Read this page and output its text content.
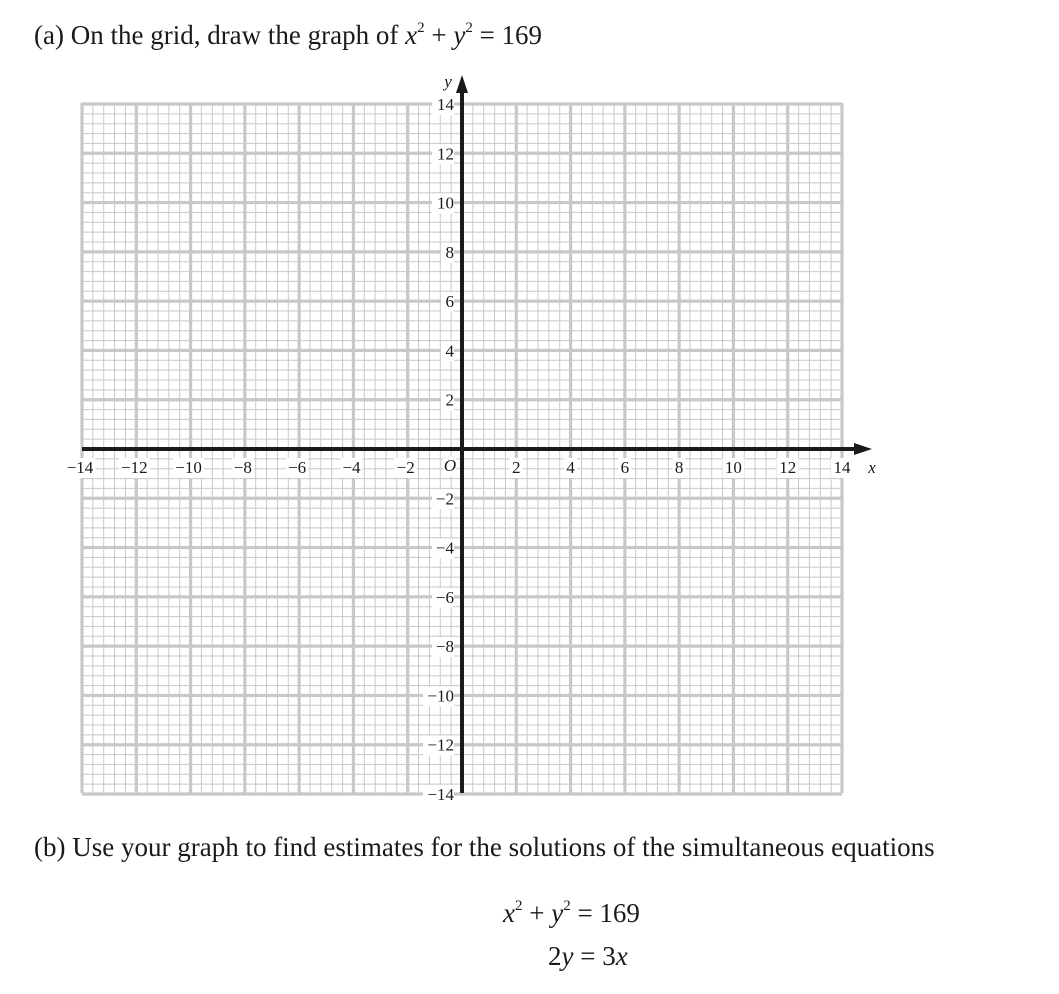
(a) On the grid, draw the graph of $x^2 + y^2 = 169$
−14 −12 −10 −8 −6 −4 −2	2	4	6	8 10 12 14
14
12
10
8
6
4
2
−2
−4
−6
−8
−10
−12
−14
O	x
y
(b) Use your graph to find estimates for the solutions of the simultaneous equations
$x^2 + y^2 = 169$
2y = 3x
